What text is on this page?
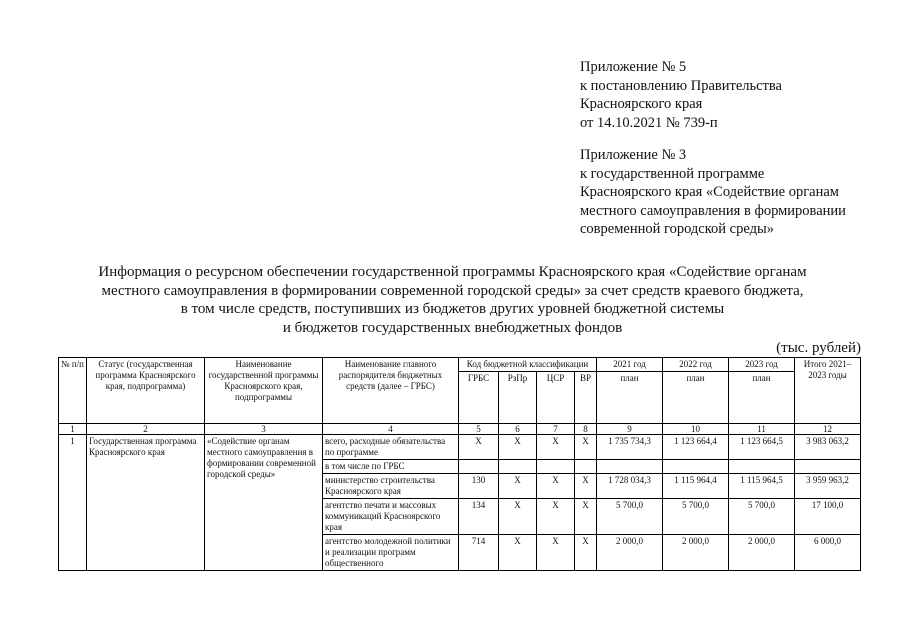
Приложение № 5
к постановлению Правительства
Красноярского края
от 14.10.2021 № 739-п
Приложение № 3
к государственной программе
Красноярского края «Содействие органам
местного самоуправления в формировании
современной городской среды»
Информация о ресурсном обеспечении государственной программы Красноярского края «Содействие органам
местного самоуправления в формировании современной городской среды» за счет средств краевого бюджета,
в том числе средств, поступивших из бюджетов других уровней бюджетной системы
и бюджетов государственных внебюджетных фондов
(тыс. рублей)
№ п/п	Статус (государственная программа Красноярского края, подпрограмма)	Наименование государственной программы Красноярского края, подпрограммы	Наименование главного распорядителя бюджетных средств (далее – ГРБС)	Код бюджетной классификации				2021 год	2022 год	2023 год	Итого 2021–2023 годы
				ГРБС	РзПр	ЦСР	ВР	план	план	план	
1	2	3	4	5	6	7	8	9	10	11	12
1	Государственная программа Красноярского края	«Содействие органам местного самоуправления в формировании современной городской среды»	всего, расходные обязательства по программе	Х	Х	Х	Х	1 735 734,3	1 123 664,4	1 123 664,5	3 983 063,2
			в том числе по ГРБС								
			министерство строительства Красноярского края	130	Х	Х	Х	1 728 034,3	1 115 964,4	1 115 964,5	3 959 963,2
			агентство печати и массовых коммуникаций Красноярского края	134	Х	Х	Х	5 700,0	5 700,0	5 700,0	17 100,0
			агентство молодежной политики и реализации программ общественного	714	Х	Х	Х	2 000,0	2 000,0	2 000,0	6 000,0
